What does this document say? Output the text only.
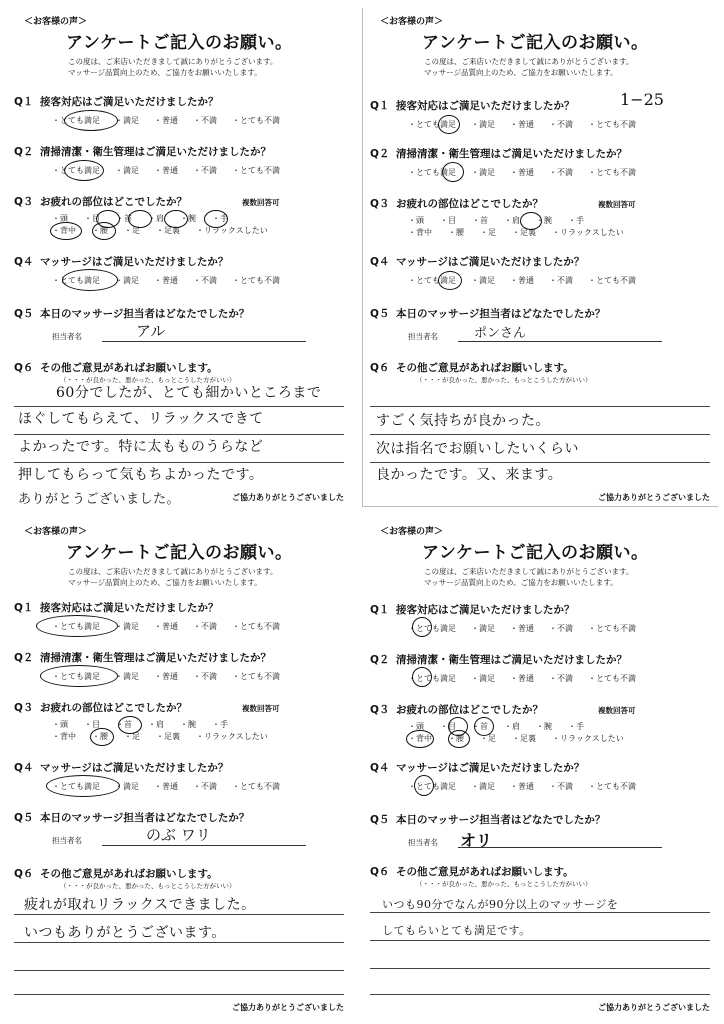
＜お客様の声＞
アンケートご記入のお願い。
この度は、ご来店いただきまして誠にありがとうございます。
マッサージ品質向上のため、ご協力をお願いいたします。
Q１ 接客対応はご満足いただけましたか？
・とても満足 ・満足 ・普通 ・不満 ・とても不満
Q２ 清掃清潔・衛生管理はご満足いただけましたか？
・とても満足 ・満足 ・普通 ・不満 ・とても不満
Q３ お疲れの部位はどこでしたか？	複数回答可
・頭 ・目 ・首 ・肩 ・腕 ・手
・背中 ・腰 ・足 ・足裏 ・リラックスしたい
Q４ マッサージはご満足いただけましたか？
・とても満足 ・満足 ・普通 ・不満 ・とても不満
Q５ 本日のマッサージ担当者はどなたでしたか？
担当者名	アル
Q６ その他ご意見があればお願いします。
（・・・が良かった、悪かった、もっとこうした方がいい）
60分でしたが、とても細かいところまで
ほぐしてもらえて、リラックスできて
よかったです。特に太もものうらなど
押してもらって気もちよかったです。
ありがとうございました。	ご協力ありがとうございました
＜お客様の声＞
アンケートご記入のお願い。
この度は、ご来店いただきまして誠にありがとうございます。
マッサージ品質向上のため、ご協力をお願いいたします。
1−25
Q１ 接客対応はご満足いただけましたか？
・とても満足 ・満足 ・普通 ・不満 ・とても不満
Q２ 清掃清潔・衛生管理はご満足いただけましたか？
・とても満足 ・満足 ・普通 ・不満 ・とても不満
Q３ お疲れの部位はどこでしたか？	複数回答可
・頭 ・目 ・首 ・肩 ・腕 ・手
・背中 ・腰 ・足 ・足裏 ・リラックスしたい
Q４ マッサージはご満足いただけましたか？
・とても満足 ・満足 ・普通 ・不満 ・とても不満
Q５ 本日のマッサージ担当者はどなたでしたか？
担当者名	ポンさん
Q６ その他ご意見があればお願いします。
（・・・が良かった、悪かった、もっとこうした方がいい）
すごく気持ちが良かった。
次は指名でお願いしたいくらい
良かったです。又、来ます。
ご協力ありがとうございました
＜お客様の声＞
アンケートご記入のお願い。
この度は、ご来店いただきまして誠にありがとうございます。
マッサージ品質向上のため、ご協力をお願いいたします。
Q１ 接客対応はご満足いただけましたか？
・とても満足 ・満足 ・普通 ・不満 ・とても不満
Q２ 清掃清潔・衛生管理はご満足いただけましたか？
・とても満足 ・満足 ・普通 ・不満 ・とても不満
Q３ お疲れの部位はどこでしたか？	複数回答可
・頭 ・目 ・首 ・肩 ・腕 ・手
・背中 ・腰 ・足 ・足裏 ・リラックスしたい
Q４ マッサージはご満足いただけましたか？
・とても満足 ・満足 ・普通 ・不満 ・とても不満
Q５ 本日のマッサージ担当者はどなたでしたか？
担当者名	のぶ ワリ
Q６ その他ご意見があればお願いします。
（・・・が良かった、悪かった、もっとこうした方がいい）
疲れが取れリラックスできました。
いつもありがとうございます。
ご協力ありがとうございました
＜お客様の声＞
アンケートご記入のお願い。
この度は、ご来店いただきまして誠にありがとうございます。
マッサージ品質向上のため、ご協力をお願いいたします。
Q１ 接客対応はご満足いただけましたか？
・とても満足 ・満足 ・普通 ・不満 ・とても不満
Q２ 清掃清潔・衛生管理はご満足いただけましたか？
・とても満足 ・満足 ・普通 ・不満 ・とても不満
Q３ お疲れの部位はどこでしたか？	複数回答可
・頭 ・目 ・首 ・肩 ・腕 ・手
・背中 ・腰 ・足 ・足裏 ・リラックスしたい
Q４ マッサージはご満足いただけましたか？
・とても満足 ・満足 ・普通 ・不満 ・とても不満
Q５ 本日のマッサージ担当者はどなたでしたか？
担当者名 オリ
Q６ その他ご意見があればお願いします。
（・・・が良かった、悪かった、もっとこうした方がいい）
いつも90分でなんが90分以上のマッサージを
してもらいとても満足です。
ご協力ありがとうございました
